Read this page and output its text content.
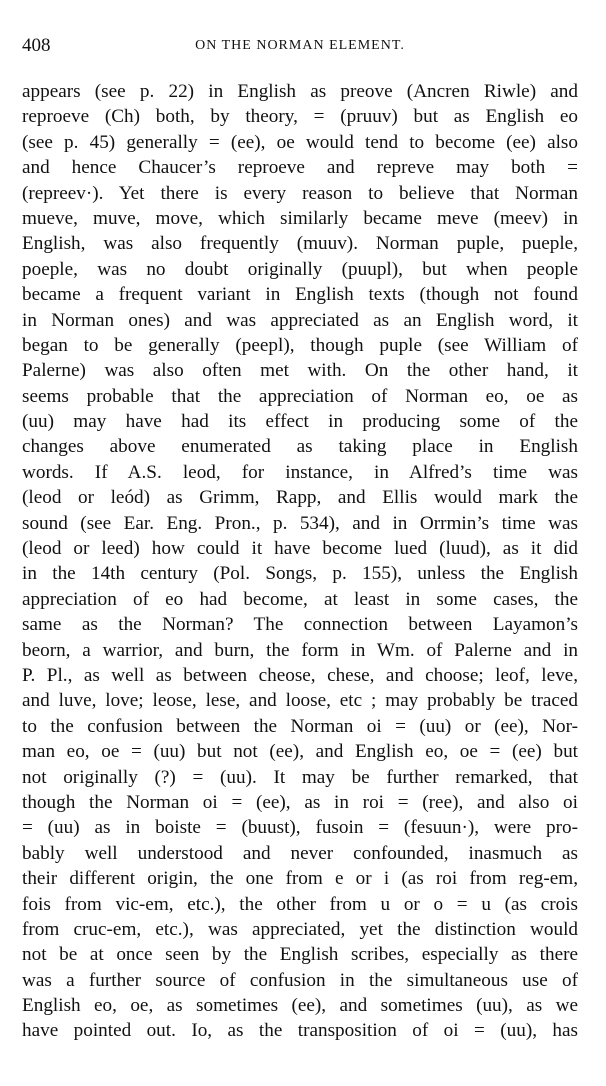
408	ON THE NORMAN ELEMENT.
appears (see p. 22) in English as preove (Ancren Riwle) and
reproeve (Ch) both, by theory, = (pruuv) but as English eo
(see p. 45) generally = (ee), oe would tend to become (ee) also
and hence Chaucer’s reproeve and repreve may both =
(repreev·). Yet there is every reason to believe that Norman
mueve, muve, move, which similarly became meve (meev) in
English, was also frequently (muuv). Norman puple, pueple,
poeple, was no doubt originally (puupl), but when people
became a frequent variant in English texts (though not found
in Norman ones) and was appreciated as an English word, it
began to be generally (peepl), though puple (see William of
Palerne) was also often met with. On the other hand, it
seems probable that the appreciation of Norman eo, oe as
(uu) may have had its effect in producing some of the
changes above enumerated as taking place in English
words. If A.S. leod, for instance, in Alfred’s time was
(leod or leód) as Grimm, Rapp, and Ellis would mark the
sound (see Ear. Eng. Pron., p. 534), and in Orrmin’s time was
(leod or leed) how could it have become lued (luud), as it did
in the 14th century (Pol. Songs, p. 155), unless the English
appreciation of eo had become, at least in some cases, the
same as the Norman? The connection between Layamon’s
beorn, a warrior, and burn, the form in Wm. of Palerne and in
P. Pl., as well as between cheose, chese, and choose; leof, leve,
and luve, love; leose, lese, and loose, etc ; may probably be traced
to the confusion between the Norman oi = (uu) or (ee), Nor-
man eo, oe = (uu) but not (ee), and English eo, oe = (ee) but
not originally (?) = (uu). It may be further remarked, that
though the Norman oi = (ee), as in roi = (ree), and also oi
= (uu) as in boiste = (buust), fusoin = (fesuun·), were pro-
bably well understood and never confounded, inasmuch as
their different origin, the one from e or i (as roi from reg-em,
fois from vic-em, etc.), the other from u or o = u (as crois
from cruc-em, etc.), was appreciated, yet the distinction would
not be at once seen by the English scribes, especially as there
was a further source of confusion in the simultaneous use of
English eo, oe, as sometimes (ee), and sometimes (uu), as we
have pointed out. Io, as the transposition of oi = (uu), has
